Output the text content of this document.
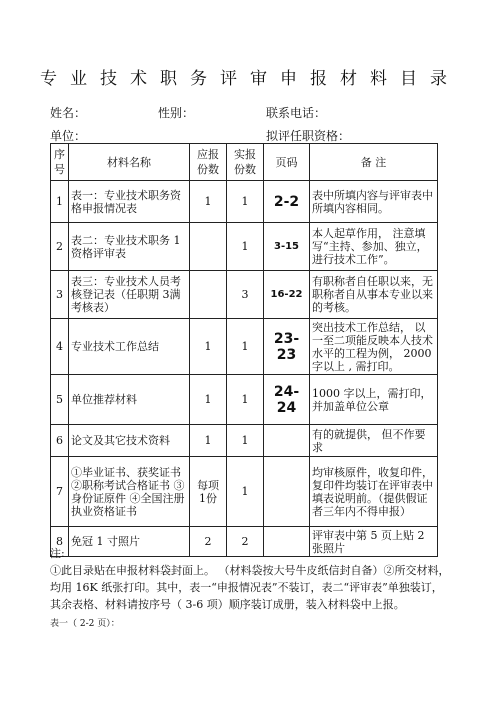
专业技术职务评审申报材料目录
姓名：	性别：	联系电话：
单位：	拟评任职资格：
序号	材料名称	应报份数	实报份数	页码	备 注
1	表一：专业技术职务资格申报情况表	1	1	2-2	表中所填内容与评审表中所填内容相同。
2	表二：专业技术职务 1资格评审表		1	3-15	本人起草作用， 注意填写“主持、参加、独立，进行技术工作”。
3	表三：专业技术人员考核登记表（任职期 3满考核表）		3	16-22	有职称者自任职以来，无职称者自从事本专业以来的考核。
4	专业技术工作总结	1	1	23-23	突出技术工作总结， 以一至二项能反映本人技术水平的工程为例， 2000字以上 , 需打印。
5	单位推荐材料	1	1	24-24	1000 字以上，需打印，并加盖单位公章
6	论文及其它技术资料	1	1		有的就提供， 但不作要求
7	①毕业证书、获奖证书 ②职称考试合格证书 ③身份证原件 ④全国注册执业资格证书	每项 1份	1		均审核原件，收复印件，复印件均装订在评审表中填表说明前。（提供假证者三年内不得申报）
8	免冠 1 寸照片	2	2		评审表中第 5 页上贴 2 张照片
注:
①此目录贴在申报材料袋封面上。 （材料袋按大号牛皮纸信封自备）②所交材料，均用 16K 纸张打印。其中，表一“申报情况表”不装订，表二“评审表”单独装订，其余表格、材料请按序号（ 3-6 项）顺序装订成册，装入材料袋中上报。
表一（ 2-2 页）：
